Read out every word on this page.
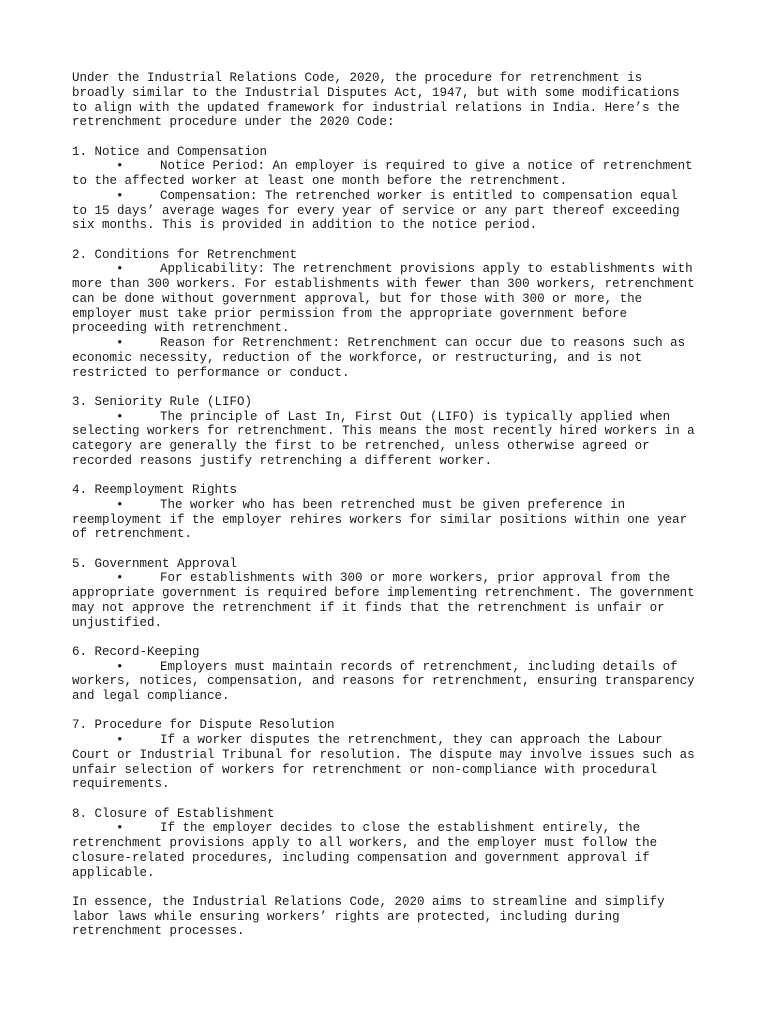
Under the Industrial Relations Code, 2020, the procedure for retrenchment is
broadly similar to the Industrial Disputes Act, 1947, but with some modifications
to align with the updated framework for industrial relations in India. Here’s the
retrenchment procedure under the 2020 Code:
1. Notice and Compensation
•	Notice Period: An employer is required to give a notice of retrenchment
to the affected worker at least one month before the retrenchment.
•	Compensation: The retrenched worker is entitled to compensation equal
to 15 days’ average wages for every year of service or any part thereof exceeding
six months. This is provided in addition to the notice period.
2. Conditions for Retrenchment
•	Applicability: The retrenchment provisions apply to establishments with
more than 300 workers. For establishments with fewer than 300 workers, retrenchment
can be done without government approval, but for those with 300 or more, the
employer must take prior permission from the appropriate government before
proceeding with retrenchment.
•	Reason for Retrenchment: Retrenchment can occur due to reasons such as
economic necessity, reduction of the workforce, or restructuring, and is not
restricted to performance or conduct.
3. Seniority Rule (LIFO)
•	The principle of Last In, First Out (LIFO) is typically applied when
selecting workers for retrenchment. This means the most recently hired workers in a
category are generally the first to be retrenched, unless otherwise agreed or
recorded reasons justify retrenching a different worker.
4. Reemployment Rights
•	The worker who has been retrenched must be given preference in
reemployment if the employer rehires workers for similar positions within one year
of retrenchment.
5. Government Approval
•	For establishments with 300 or more workers, prior approval from the
appropriate government is required before implementing retrenchment. The government
may not approve the retrenchment if it finds that the retrenchment is unfair or
unjustified.
6. Record-Keeping
•	Employers must maintain records of retrenchment, including details of
workers, notices, compensation, and reasons for retrenchment, ensuring transparency
and legal compliance.
7. Procedure for Dispute Resolution
•	If a worker disputes the retrenchment, they can approach the Labour
Court or Industrial Tribunal for resolution. The dispute may involve issues such as
unfair selection of workers for retrenchment or non-compliance with procedural
requirements.
8. Closure of Establishment
•	If the employer decides to close the establishment entirely, the
retrenchment provisions apply to all workers, and the employer must follow the
closure-related procedures, including compensation and government approval if
applicable.
In essence, the Industrial Relations Code, 2020 aims to streamline and simplify
labor laws while ensuring workers’ rights are protected, including during
retrenchment processes.
